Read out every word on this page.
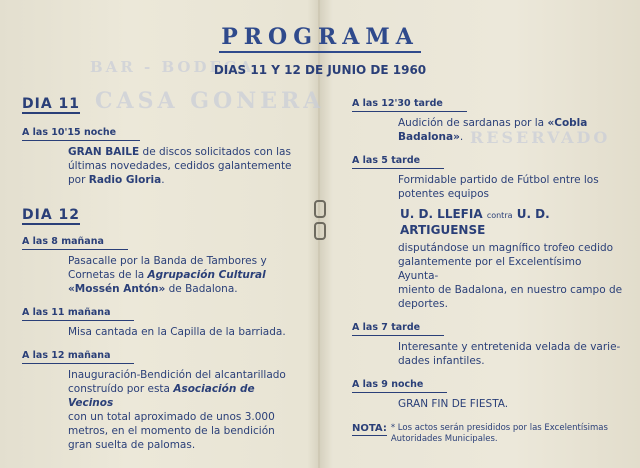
BAR - BODEGA
CASA GONERA
RESERVADO
PROGRAMA
DIAS 11 Y 12 DE JUNIO DE 1960
DIA 11
A las 10'15 noche
GRAN BAILE de discos solicitados con las
últimas novedades, cedidos galantemente
por Radio Gloria.
DIA 12
A las 8 mañana
Pasacalle por la Banda de Tambores y
Cornetas de la Agrupación Cultural
«Mossén Antón» de Badalona.
A las 11 mañana
Misa cantada en la Capilla de la barriada.
A las 12 mañana
Inauguración-Bendición del alcantarillado
construído por esta Asociación de Vecinos
con un total aproximado de unos 3.000
metros, en el momento de la bendición
gran suelta de palomas.
A las 12'30 tarde
Audición de sardanas por la «Cobla
Badalona».
A las 5 tarde
Formidable partido de Fútbol entre los
potentes equipos
U. D. LLEFIA contra U. D. ARTIGUENSE
disputándose un magnífico trofeo cedido
galantemente por el Excelentísimo Ayunta-
miento de Badalona, en nuestro campo de
deportes.
A las 7 tarde
Interesante y entretenida velada de varie-
dades infantiles.
A las 9 noche
GRAN FIN DE FIESTA.
NOTA: * Los actos serán presididos por las Excelentísimas
Autoridades Municipales.
